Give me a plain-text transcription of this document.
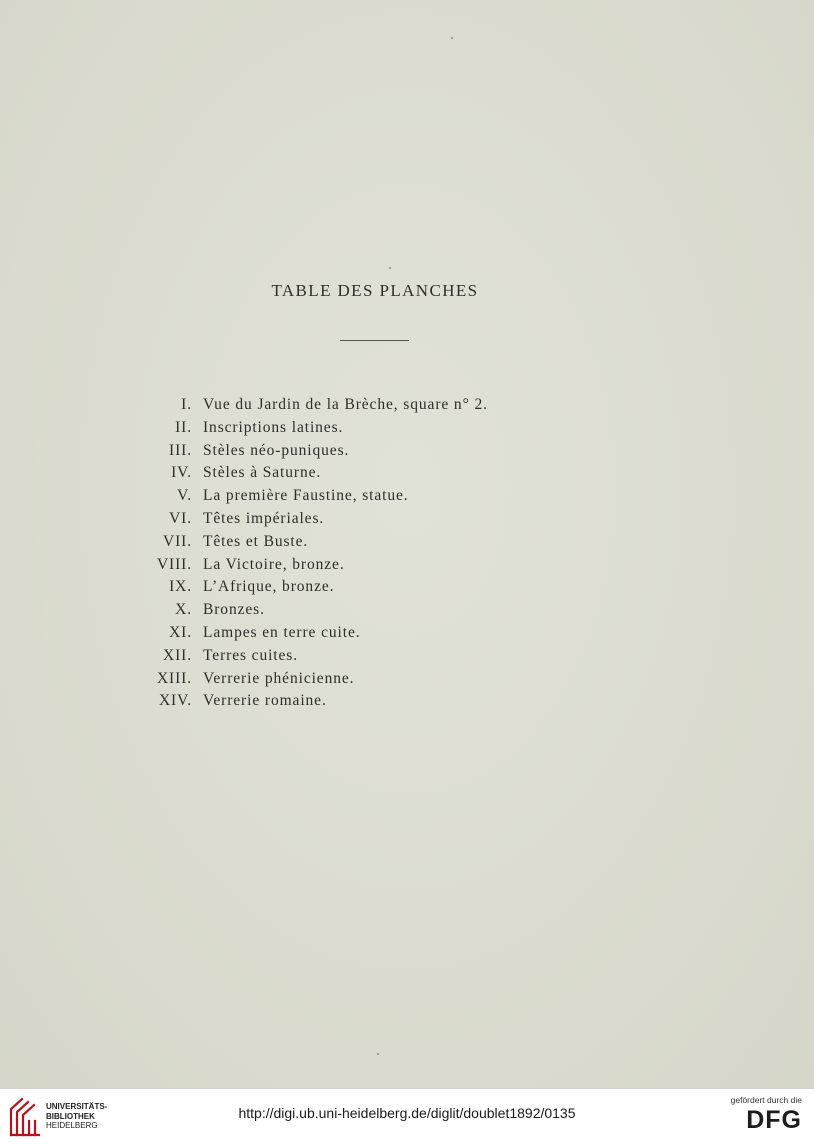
TABLE DES PLANCHES
I. Vue du Jardin de la Brèche, square n° 2.
II. Inscriptions latines.
III. Stèles néo-puniques.
IV. Stèles à Saturne.
V. La première Faustine, statue.
VI. Têtes impériales.
VII. Têtes et Buste.
VIII. La Victoire, bronze.
IX. L’Afrique, bronze.
X. Bronzes.
XI. Lampes en terre cuite.
XII. Terres cuites.
XIII. Verrerie phénicienne.
XIV. Verrerie romaine.
UNIVERSITÄTS-
BIBLIOTHEK
HEIDELBERG
http://digi.ub.uni-heidelberg.de/diglit/doublet1892/0135
gefördert durch die
DFG
